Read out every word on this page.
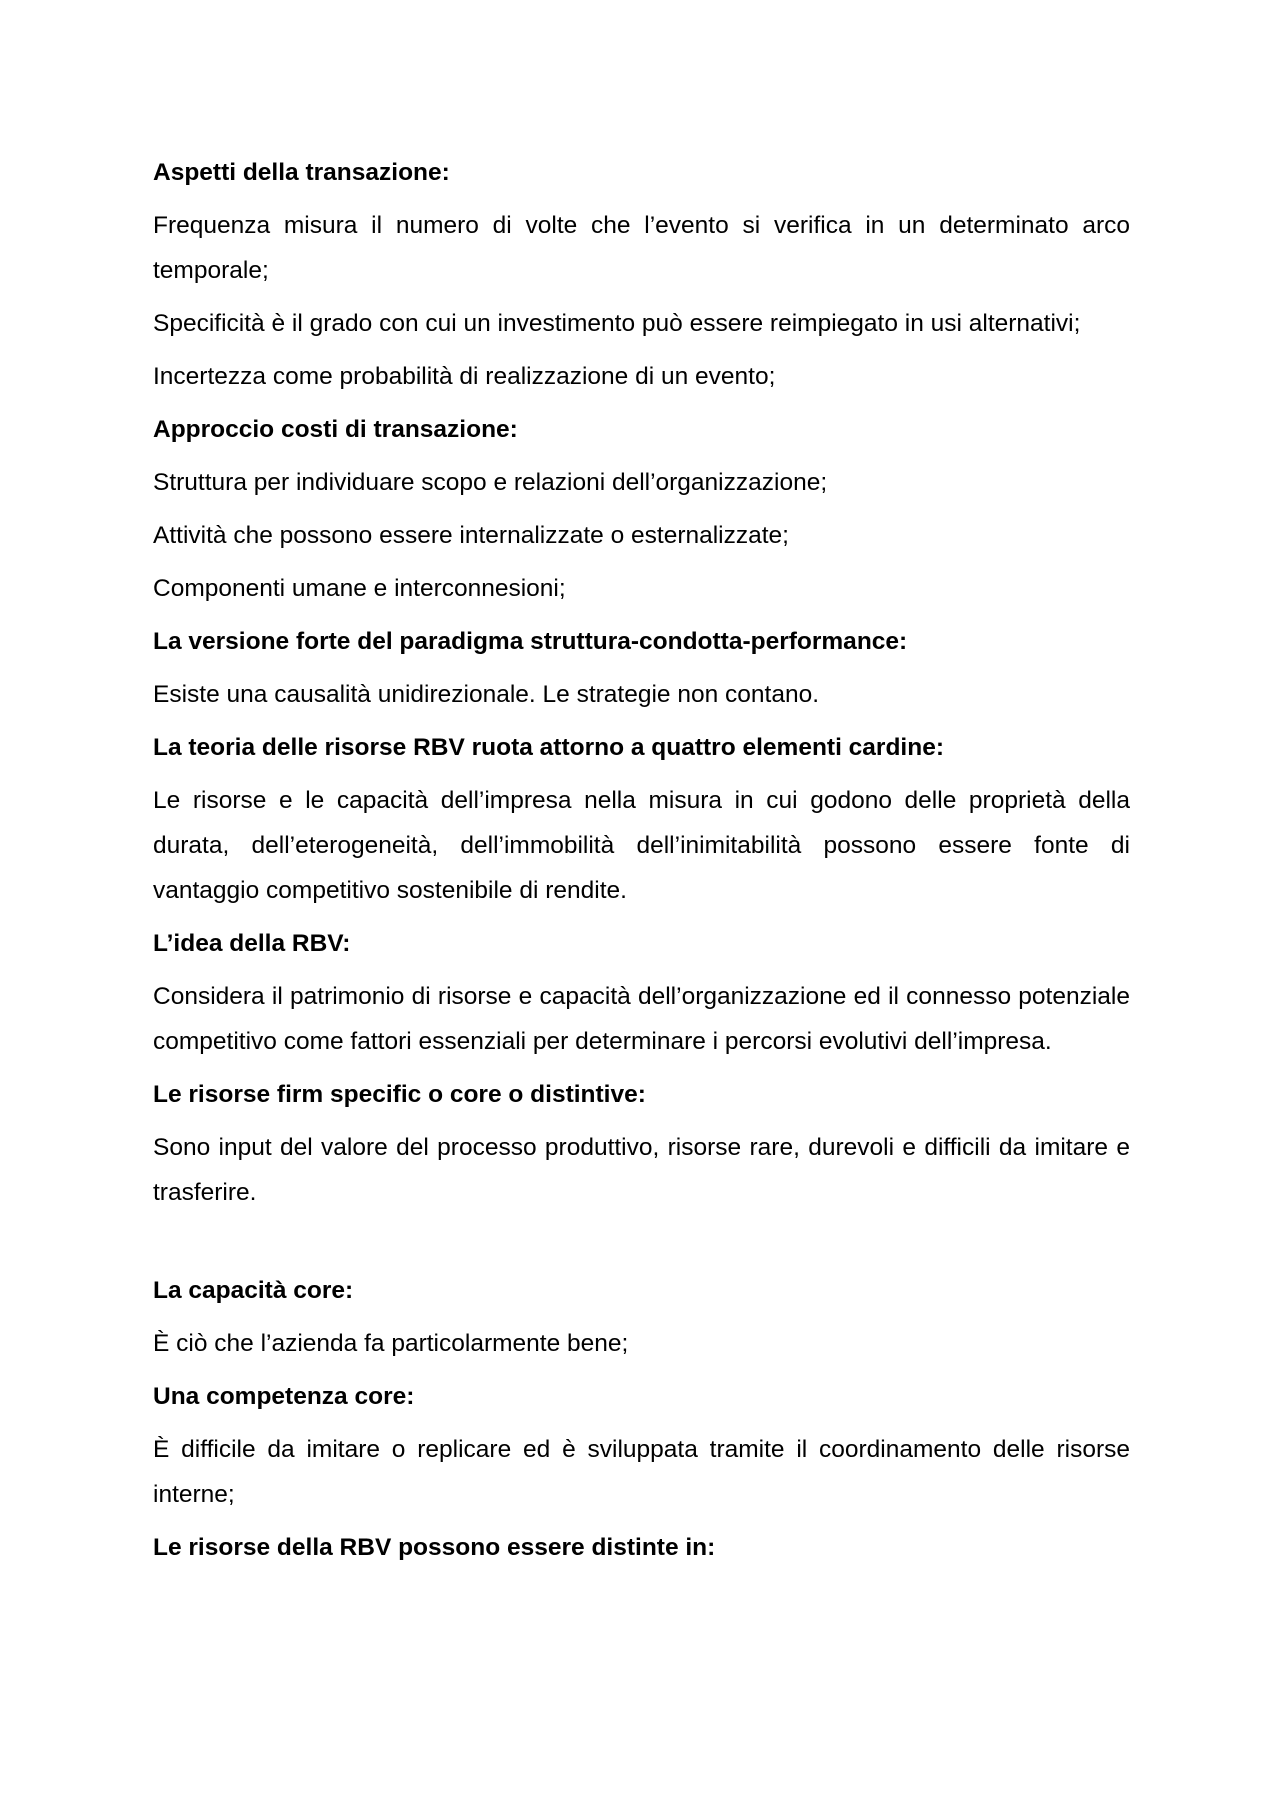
Aspetti della transazione:

Frequenza misura il numero di volte che l’evento si verifica in un determinato arco temporale;

Specificità è il grado con cui un investimento può essere reimpiegato in usi alternativi;

Incertezza come probabilità di realizzazione di un evento;

Approccio costi di transazione:

Struttura per individuare scopo e relazioni dell’organizzazione;

Attività che possono essere internalizzate o esternalizzate;

Componenti umane e interconnesioni;

La versione forte del paradigma struttura-condotta-performance:

Esiste una causalità unidirezionale. Le strategie non contano.

La teoria delle risorse RBV ruota attorno a quattro elementi cardine:

Le risorse e le capacità dell’impresa nella misura in cui godono delle proprietà della durata, dell’eterogeneità, dell’immobilità dell’inimitabilità possono essere fonte di vantaggio competitivo sostenibile di rendite.

L’idea della RBV:

Considera il patrimonio di risorse e capacità dell’organizzazione ed il connesso potenziale competitivo come fattori essenziali per determinare i percorsi evolutivi dell’impresa.

Le risorse firm specific o core o distintive:

Sono input del valore del processo produttivo, risorse rare, durevoli e difficili da imitare e trasferire.

La capacità core:

È ciò che l’azienda fa particolarmente bene;

Una competenza core:

È difficile da imitare o replicare ed è sviluppata tramite il coordinamento delle risorse interne;

Le risorse della RBV possono essere distinte in:
